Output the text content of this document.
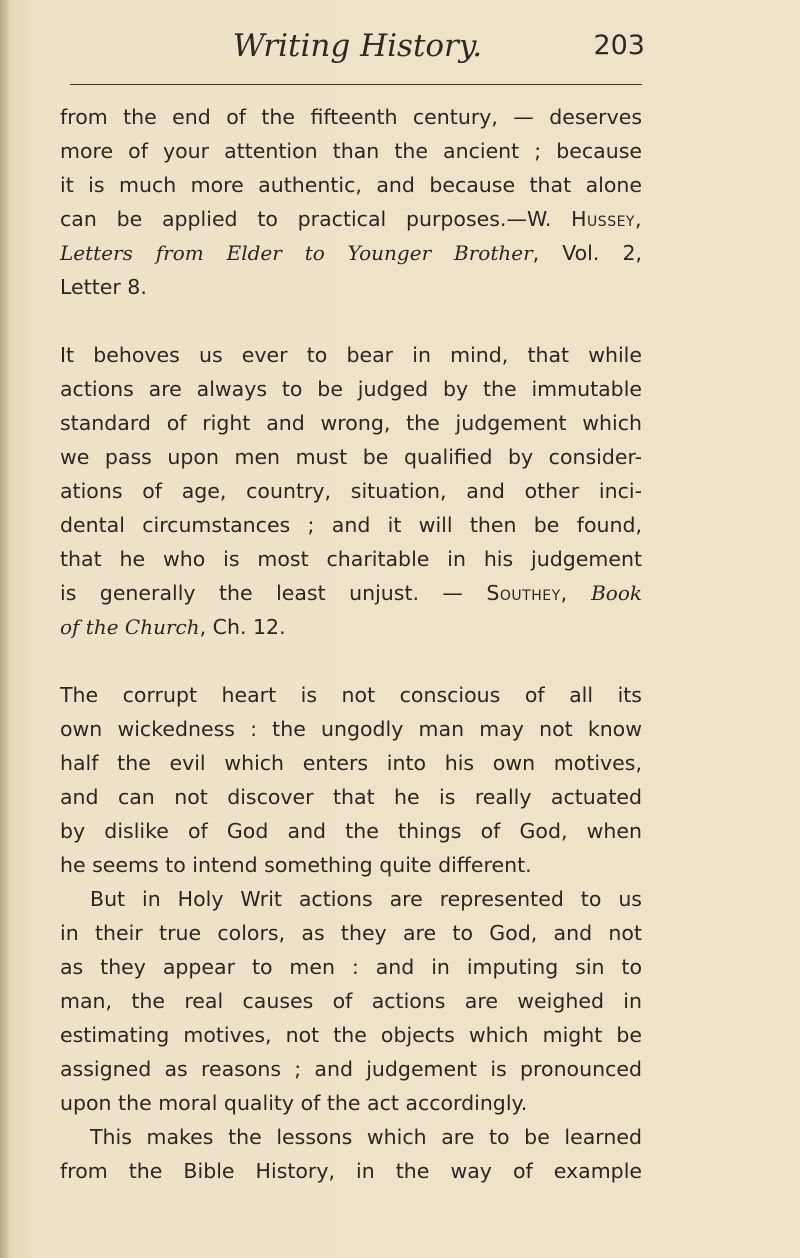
Writing History.	203
from the end of the fifteenth century, — deserves
more of your attention than the ancient ; because
it is much more authentic, and because that alone
can be applied to practical purposes.—W. Hussey,
Letters from Elder to Younger Brother, Vol. 2,
Letter 8.
It behoves us ever to bear in mind, that while
actions are always to be judged by the immutable
standard of right and wrong, the judgement which
we pass upon men must be qualified by consider-
ations of age, country, situation, and other inci-
dental circumstances ; and it will then be found,
that he who is most charitable in his judgement
is generally the least unjust. — Southey, Book
of the Church, Ch. 12.
The corrupt heart is not conscious of all its
own wickedness : the ungodly man may not know
half the evil which enters into his own motives,
and can not discover that he is really actuated
by dislike of God and the things of God, when
he seems to intend something quite different.
But in Holy Writ actions are represented to us
in their true colors, as they are to God, and not
as they appear to men : and in imputing sin to
man, the real causes of actions are weighed in
estimating motives, not the objects which might be
assigned as reasons ; and judgement is pronounced
upon the moral quality of the act accordingly.
This makes the lessons which are to be learned
from the Bible History, in the way of example
